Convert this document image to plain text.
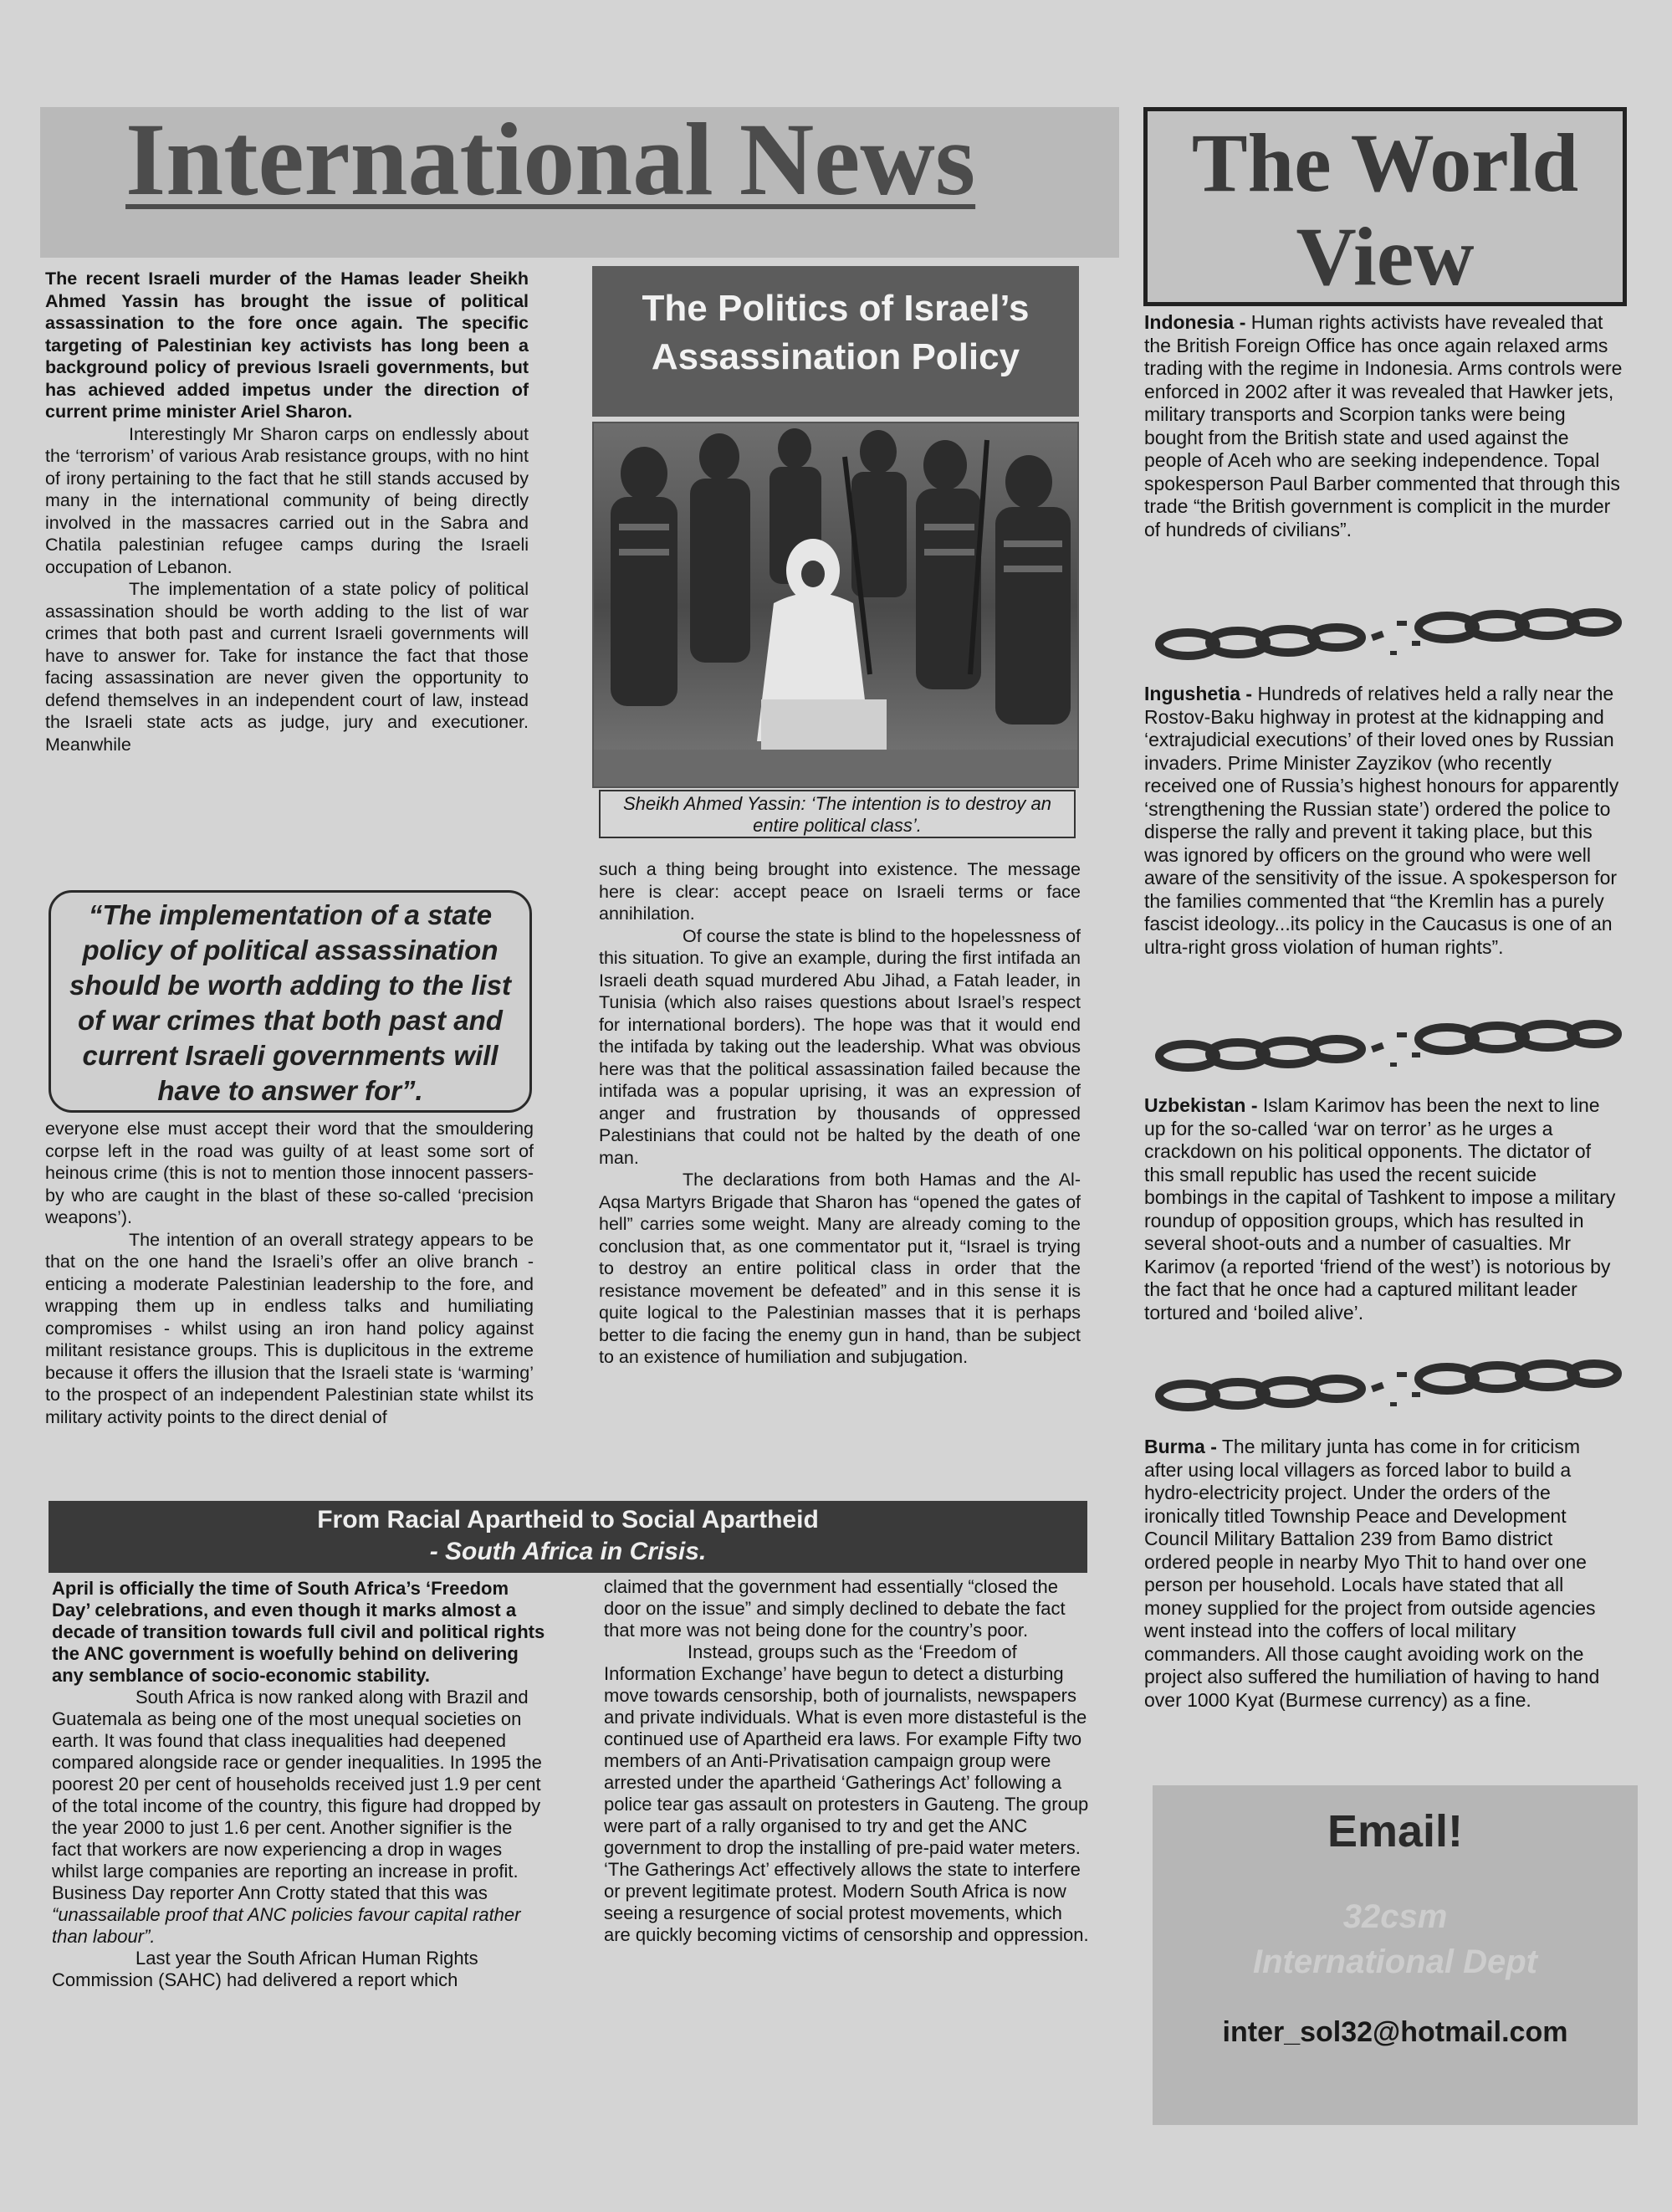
International News	The World
View

The recent Israeli murder of the Hamas leader Sheikh Ahmed Yassin has brought the issue of political assassination to the fore once again. The specific targeting of Palestinian key activists has long been a background policy of previous Israeli governments, but has achieved added impetus under the direction of current prime minister Ariel Sharon.

Interestingly Mr Sharon carps on endlessly about the ‘terrorism’ of various Arab resistance groups, with no hint of irony pertaining to the fact that he still stands accused by many in the international community of being directly involved in the massacres carried out in the Sabra and Chatila palestinian refugee camps during the Israeli occupation of Lebanon.

The implementation of a state policy of political assassination should be worth adding to the list of war crimes that both past and current Israeli governments will have to answer for. Take for instance the fact that those facing assassination are never given the opportunity to defend themselves in an independent court of law, instead the Israeli state acts as judge, jury and executioner. Meanwhile

“The implementation of a state policy of political assassination should be worth adding to the list of war crimes that both past and current Israeli governments will have to answer for”.

everyone else must accept their word that the smouldering corpse left in the road was guilty of at least some sort of heinous crime (this is not to mention those innocent passers-by who are caught in the blast of these so-called ‘precision weapons’).

The intention of an overall strategy appears to be that on the one hand the Israeli’s offer an olive branch - enticing a moderate Palestinian leadership to the fore, and wrapping them up in endless talks and humiliating compromises - whilst using an iron hand policy against militant resistance groups. This is duplicitous in the extreme because it offers the illusion that the Israeli state is ‘warming’ to the prospect of an independent Palestinian state whilst its military activity points to the direct denial of

The Politics of Israel’s
Assassination Policy
Sheikh Ahmed Yassin: ‘The intention is to destroy an entire political class’.

such a thing being brought into existence. The message here is clear: accept peace on Israeli terms or face annihilation.

Of course the state is blind to the hopelessness of this situation. To give an example, during the first intifada an Israeli death squad murdered Abu Jihad, a Fatah leader, in Tunisia (which also raises questions about Israel’s respect for international borders). The hope was that it would end the intifada by taking out the leadership. What was obvious here was that the political assassination failed because the intifada was a popular uprising, it was an expression of anger and frustration by thousands of oppressed Palestinians that could not be halted by the death of one man.

The declarations from both Hamas and the Al-Aqsa Martyrs Brigade that Sharon has “opened the gates of hell” carries some weight. Many are already coming to the conclusion that, as one commentator put it, “Israel is trying to destroy an entire political class in order that the resistance movement be defeated” and in this sense it is quite logical to the Palestinian masses that it is perhaps better to die facing the enemy gun in hand, than be subject to an existence of humiliation and subjugation.

From Racial Apartheid to Social Apartheid
- South Africa in Crisis.

April is officially the time of South Africa’s ‘Freedom Day’ celebrations, and even though it marks almost a decade of transition towards full civil and political rights the ANC government is woefully behind on delivering any semblance of socio-economic stability.

South Africa is now ranked along with Brazil and Guatemala as being one of the most unequal societies on earth. It was found that class inequalities had deepened compared alongside race or gender inequalities. In 1995 the poorest 20 per cent of households received just 1.9 per cent of the total income of the country, this figure had dropped by the year 2000 to just 1.6 per cent. Another signifier is the fact that workers are now experiencing a drop in wages whilst large companies are reporting an increase in profit. Business Day reporter Ann Crotty stated that this was “unassailable proof that ANC policies favour capital rather than labour”.

Last year the South African Human Rights Commission (SAHC) had delivered a report which

claimed that the government had essentially “closed the door on the issue” and simply declined to debate the fact that more was not being done for the country’s poor.

Instead, groups such as the ‘Freedom of Information Exchange’ have begun to detect a disturbing move towards censorship, both of journalists, newspapers and private individuals. What is even more distasteful is the continued use of Apartheid era laws. For example Fifty two members of an Anti-Privatisation campaign group were arrested under the apartheid ‘Gatherings Act’ following a police tear gas assault on protesters in Gauteng. The group were part of a rally organised to try and get the ANC government to drop the installing of pre-paid water meters. ‘The Gatherings Act’ effectively allows the state to interfere or prevent legitimate protest. Modern South Africa is now seeing a resurgence of social protest movements, which are quickly becoming victims of censorship and oppression.

Indonesia - Human rights activists have revealed that the British Foreign Office has once again relaxed arms trading with the regime in Indonesia. Arms controls were enforced in 2002 after it was revealed that Hawker jets, military transports and Scorpion tanks were being bought from the British state and used against the people of Aceh who are seeking independence. Topal spokesperson Paul Barber commented that through this trade “the British government is complicit in the murder of hundreds of civilians”.
Ingushetia - Hundreds of relatives held a rally near the Rostov-Baku highway in protest at the kidnapping and ‘extrajudicial executions’ of their loved ones by Russian invaders. Prime Minister Zayzikov (who recently received one of Russia’s highest honours for apparently ‘strengthening the Russian state’) ordered the police to disperse the rally and prevent it taking place, but this was ignored by officers on the ground who were well aware of the sensitivity of the issue. A spokesperson for the families commented that “the Kremlin has a purely fascist ideology...its policy in the Caucasus is one of an ultra-right gross violation of human rights”.
Uzbekistan - Islam Karimov has been the next to line up for the so-called ‘war on terror’ as he urges a crackdown on his political opponents. The dictator of this small republic has used the recent suicide bombings in the capital of Tashkent to impose a military roundup of opposition groups, which has resulted in several shoot-outs and a number of casualties. Mr Karimov (a reported ‘friend of the west’) is notorious by the fact that he once had a captured militant leader tortured and ‘boiled alive’.
Burma - The military junta has come in for criticism after using local villagers as forced labor to build a hydro-electricity project. Under the orders of the ironically titled Township Peace and Development Council Military Battalion 239 from Bamo district ordered people in nearby Myo Thit to hand over one person per household. Locals have stated that all money supplied for the project from outside agencies went instead into the coffers of local military commanders. All those caught avoiding work on the project also suffered the humiliation of having to hand over 1000 Kyat (Burmese currency) as a fine.
Email!
32csm
International Dept
inter_sol32@hotmail.com
